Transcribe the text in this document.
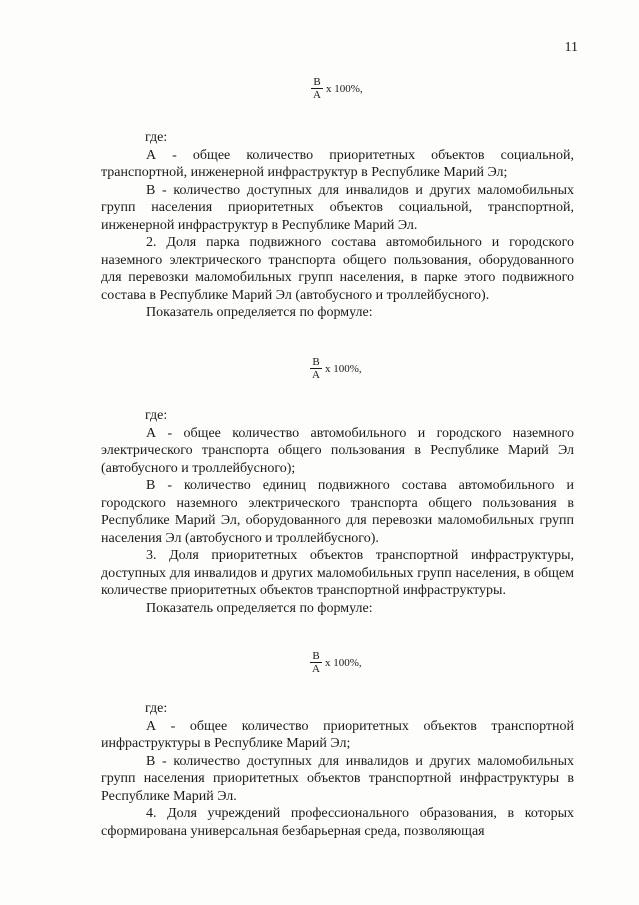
11
$\frac{В}{А}$ х 100%,

где:

А - общее количество приоритетных объектов социальной, транспортной, инженерной инфраструктур в Республике Марий Эл;

В - количество доступных для инвалидов и других маломобильных групп населения приоритетных объектов социальной, транспортной, инженерной инфраструктур в Республике Марий Эл.

2. Доля парка подвижного состава автомобильного и городского наземного электрического транспорта общего пользования, оборудованного для перевозки маломобильных групп населения, в парке этого подвижного состава в Республике Марий Эл (автобусного и троллейбусного).

Показатель определяется по формуле:

$\frac{В}{А}$ х 100%,

где:

А - общее количество автомобильного и городского наземного электрического транспорта общего пользования в Республике Марий Эл (автобусного и троллейбусного);

В - количество единиц подвижного состава автомобильного и городского наземного электрического транспорта общего пользования в Республике Марий Эл, оборудованного для перевозки маломобильных групп населения Эл (автобусного и троллейбусного).

3. Доля приоритетных объектов транспортной инфраструктуры, доступных для инвалидов и других маломобильных групп населения, в общем количестве приоритетных объектов транспортной инфраструктуры.

Показатель определяется по формуле:

$\frac{В}{А}$ х 100%,

где:

А - общее количество приоритетных объектов транспортной инфраструктуры в Республике Марий Эл;

В - количество доступных для инвалидов и других маломобильных групп населения приоритетных объектов транспортной инфраструктуры в Республике Марий Эл.

4. Доля учреждений профессионального образования, в которых сформирована универсальная безбарьерная среда, позволяющая
